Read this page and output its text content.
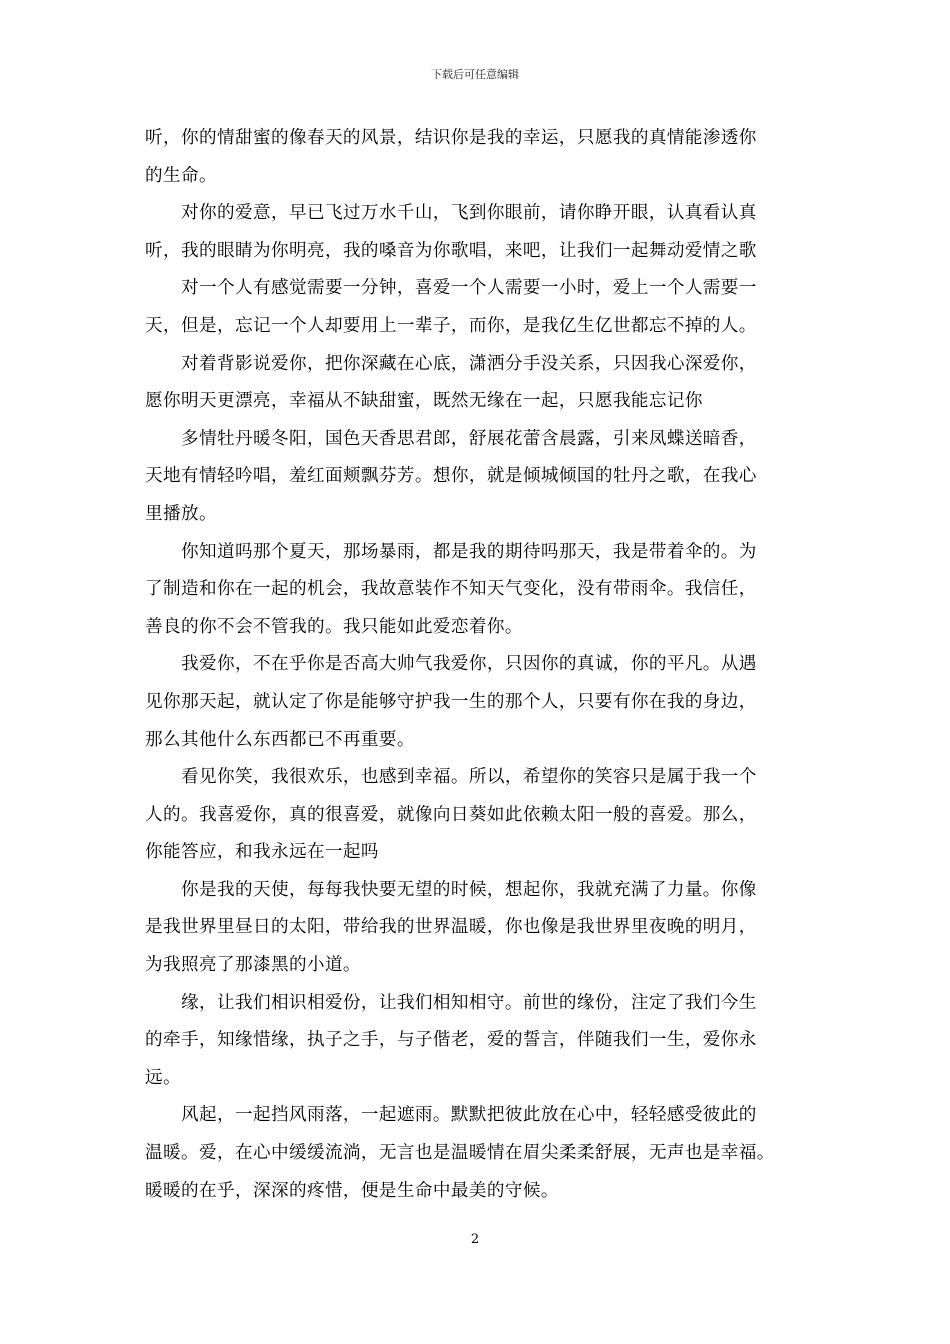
下载后可任意编辑

听，你的情甜蜜的像春天的风景，结识你是我的幸运，只愿我的真情能渗透你
的生命。

　　对你的爱意，早已飞过万水千山，飞到你眼前，请你睁开眼，认真看认真
听，我的眼睛为你明亮，我的嗓音为你歌唱，来吧，让我们一起舞动爱情之歌

　　对一个人有感觉需要一分钟，喜爱一个人需要一小时，爱上一个人需要一
天，但是，忘记一个人却要用上一辈子，而你，是我亿生亿世都忘不掉的人。

　　对着背影说爱你，把你深藏在心底，潇洒分手没关系，只因我心深爱你，
愿你明天更漂亮，幸福从不缺甜蜜，既然无缘在一起，只愿我能忘记你

　　多情牡丹暖冬阳，国色天香思君郎，舒展花蕾含晨露，引来凤蝶送暗香，
天地有情轻吟唱，羞红面颊飘芬芳。想你，就是倾城倾国的牡丹之歌，在我心
里播放。

　　你知道吗那个夏天，那场暴雨，都是我的期待吗那天，我是带着伞的。为
了制造和你在一起的机会，我故意装作不知天气变化，没有带雨伞。我信任，
善良的你不会不管我的。我只能如此爱恋着你。

　　我爱你，不在乎你是否高大帅气我爱你，只因你的真诚，你的平凡。从遇
见你那天起，就认定了你是能够守护我一生的那个人，只要有你在我的身边，
那么其他什么东西都已不再重要。

　　看见你笑，我很欢乐，也感到幸福。所以，希望你的笑容只是属于我一个
人的。我喜爱你，真的很喜爱，就像向日葵如此依赖太阳一般的喜爱。那么，
你能答应，和我永远在一起吗

　　你是我的天使，每每我快要无望的时候，想起你，我就充满了力量。你像
是我世界里昼日的太阳，带给我的世界温暖，你也像是我世界里夜晚的明月，
为我照亮了那漆黑的小道。

　　缘，让我们相识相爱份，让我们相知相守。前世的缘份，注定了我们今生
的牵手，知缘惜缘，执子之手，与子偕老，爱的誓言，伴随我们一生，爱你永
远。

　　风起，一起挡风雨落，一起遮雨。默默把彼此放在心中，轻轻感受彼此的
温暖。爱，在心中缓缓流淌，无言也是温暖情在眉尖柔柔舒展，无声也是幸福。
暖暖的在乎，深深的疼惜，便是生命中最美的守候。

2
